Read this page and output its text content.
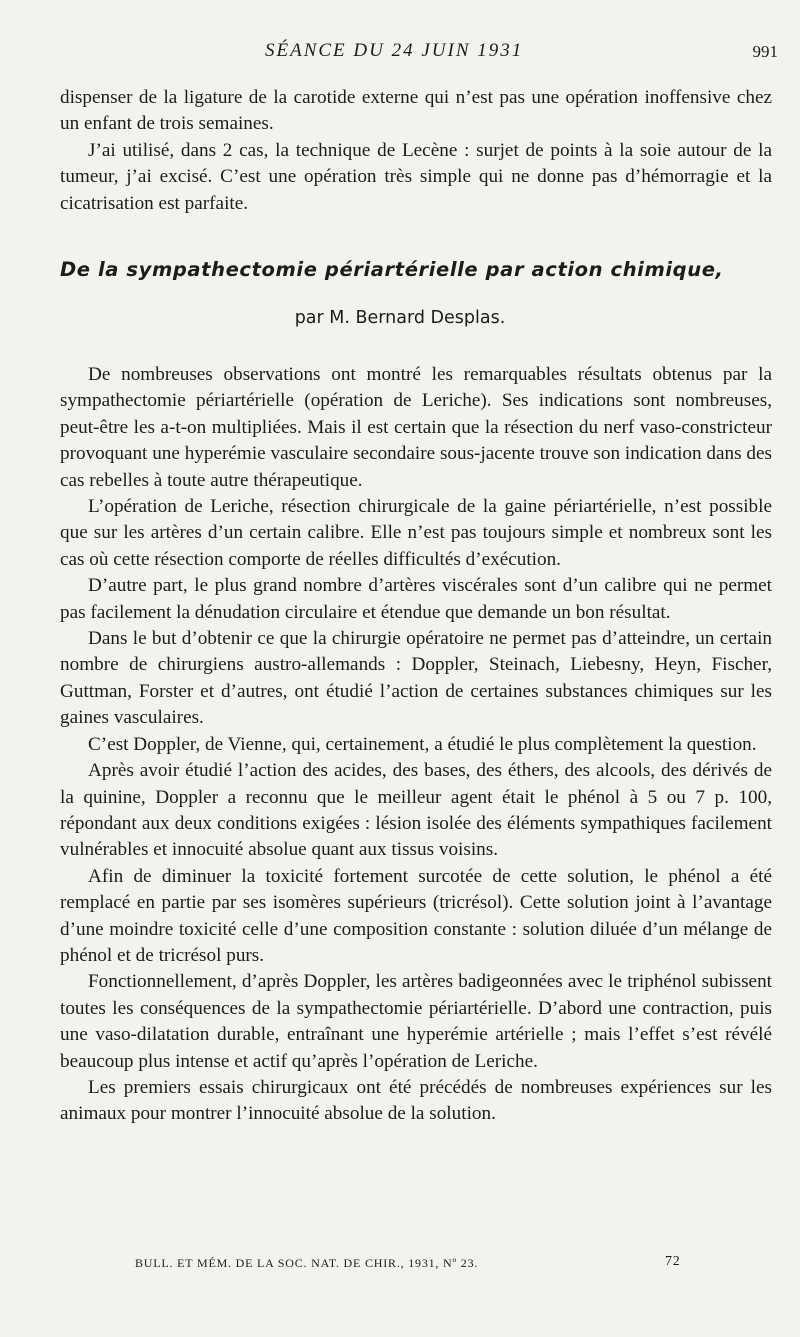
SÉANCE DU 24 JUIN 1931	991

dispenser de la ligature de la carotide externe qui n’est pas une opération inoffensive chez un enfant de trois semaines.

J’ai utilisé, dans 2 cas, la technique de Lecène : surjet de points à la soie autour de la tumeur, j’ai excisé. C’est une opération très simple qui ne donne pas d’hémorragie et la cicatrisation est parfaite.

De la sympathectomie périartérielle par action chimique,

par M. Bernard Desplas.

De nombreuses observations ont montré les remarquables résultats obtenus par la sympathectomie périartérielle (opération de Leriche). Ses indications sont nombreuses, peut-être les a-t-on multipliées. Mais il est certain que la résection du nerf vaso-constricteur provoquant une hyperémie vasculaire secondaire sous-jacente trouve son indication dans des cas rebelles à toute autre thérapeutique.

L’opération de Leriche, résection chirurgicale de la gaine périartérielle, n’est possible que sur les artères d’un certain calibre. Elle n’est pas toujours simple et nombreux sont les cas où cette résection comporte de réelles difficultés d’exécution.

D’autre part, le plus grand nombre d’artères viscérales sont d’un calibre qui ne permet pas facilement la dénudation circulaire et étendue que demande un bon résultat.

Dans le but d’obtenir ce que la chirurgie opératoire ne permet pas d’atteindre, un certain nombre de chirurgiens austro-allemands : Doppler, Steinach, Liebesny, Heyn, Fischer, Guttman, Forster et d’autres, ont étudié l’action de certaines substances chimiques sur les gaines vasculaires.

C’est Doppler, de Vienne, qui, certainement, a étudié le plus complètement la question.

Après avoir étudié l’action des acides, des bases, des éthers, des alcools, des dérivés de la quinine, Doppler a reconnu que le meilleur agent était le phénol à 5 ou 7 p. 100, répondant aux deux conditions exigées : lésion isolée des éléments sympathiques facilement vulnérables et innocuité absolue quant aux tissus voisins.

Afin de diminuer la toxicité fortement surcotée de cette solution, le phénol a été remplacé en partie par ses isomères supérieurs (tricrésol). Cette solution joint à l’avantage d’une moindre toxicité celle d’une composition constante : solution diluée d’un mélange de phénol et de tricrésol purs.

Fonctionnellement, d’après Doppler, les artères badigeonnées avec le triphénol subissent toutes les conséquences de la sympathectomie périartérielle. D’abord une contraction, puis une vaso-dilatation durable, entraînant une hyperémie artérielle ; mais l’effet s’est révélé beaucoup plus intense et actif qu’après l’opération de Leriche.

Les premiers essais chirurgicaux ont été précédés de nombreuses expériences sur les animaux pour montrer l’innocuité absolue de la solution.

BULL. ET MÉM. DE LA SOC. NAT. DE CHIR., 1931, Nº 23.	72
